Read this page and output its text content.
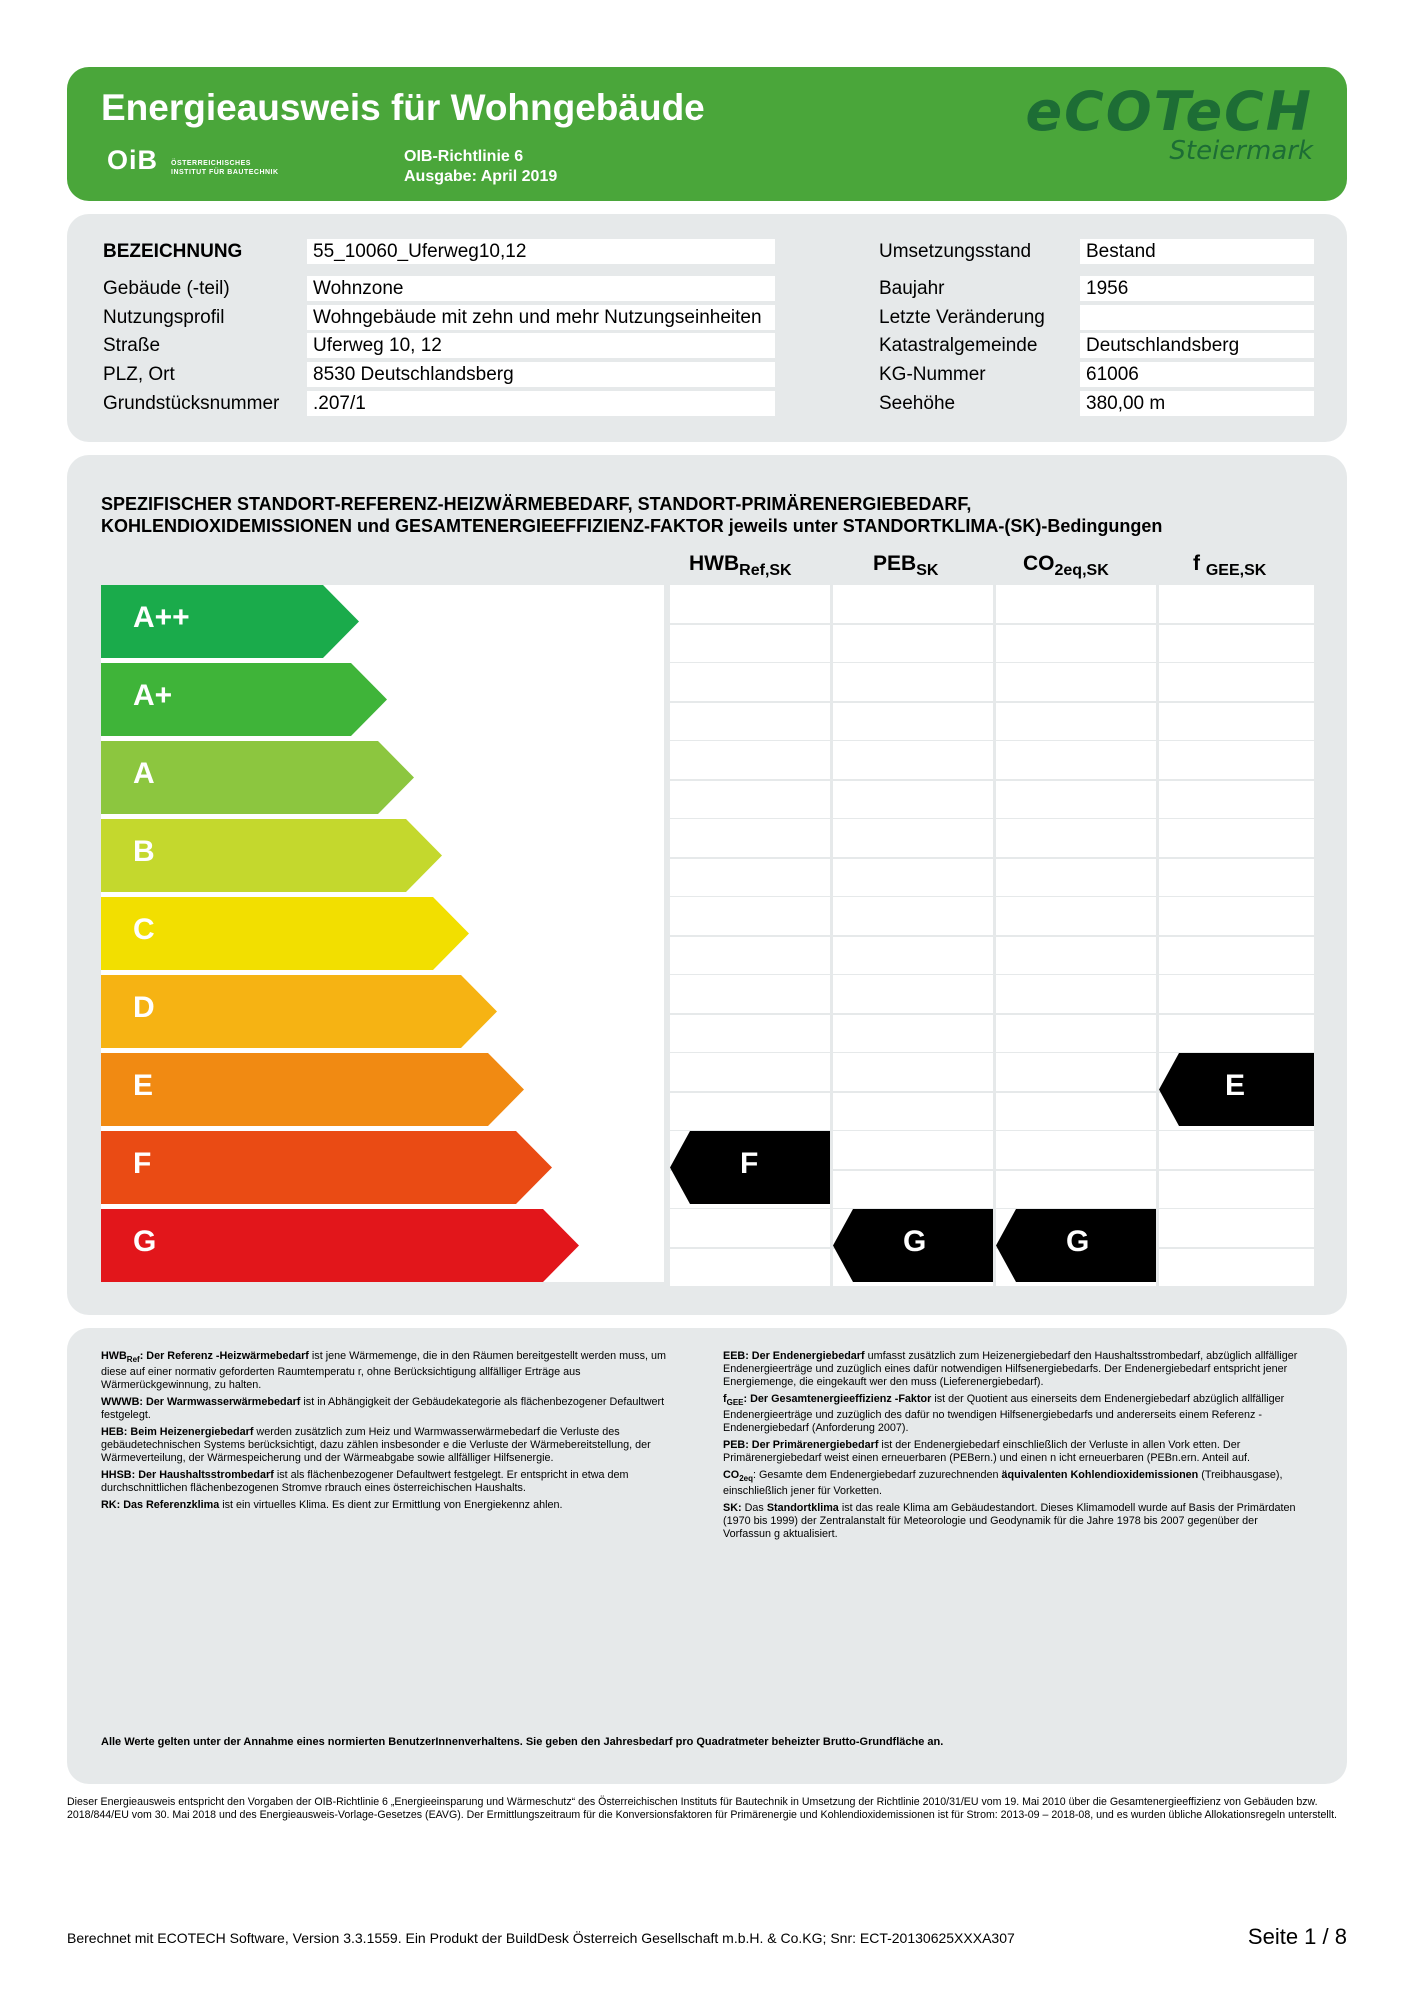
Energieausweis für Wohngebäude
OiB ÖSTERREICHISCHES
INSTITUT FÜR BAUTECHNIK
OIB-Richtlinie 6
Ausgabe: April 2019
eCOTeCH
Steiermark
BEZEICHNUNG	55_10060_Uferweg10,12
Gebäude (-teil)	Wohnzone
Nutzungsprofil	Wohngebäude mit zehn und mehr Nutzungseinheiten
Straße	Uferweg 10, 12
PLZ, Ort	8530 Deutschlandsberg
Grundstücksnummer	.207/1
Umsetzungsstand	Bestand
Baujahr	1956
Letzte Veränderung
Katastralgemeinde	Deutschlandsberg
KG-Nummer	61006
Seehöhe	380,00 m
SPEZIFISCHER STANDORT-REFERENZ-HEIZWÄRMEBEDARF, STANDORT-PRIMÄRENERGIEBEDARF,
KOHLENDIOXIDEMISSIONEN und GESAMTENERGIEEFFIZIENZ-FAKTOR jeweils unter STANDORTKLIMA-(SK)-Bedingungen
$HWB_{Ref,SK}$	$PEB_{SK}$	$CO_{2eq,SK}$	f $_{GEE,SK}$
A++
A+
A
B
C
D
E
F
G
F
G	G
E

$HWB_{Ref}$: Der Referenz -Heizwärmebedarf ist jene Wärmemenge, die in den Räumen bereitgestellt werden muss, um diese auf einer normativ geforderten Raumtemperatu r, ohne Berücksichtigung allfälliger Erträge aus Wärmerückgewinnung, zu halten.

WWWB: Der Warmwasserwärmebedarf ist in Abhängigkeit der Gebäudekategorie als flächenbezogener Defaultwert festgelegt.

HEB: Beim Heizenergiebedarf werden zusätzlich zum Heiz und Warmwasserwärmebedarf die Verluste des gebäudetechnischen Systems berücksichtigt, dazu zählen insbesonder e die Verluste der Wärmebereitstellung, der Wärmeverteilung, der Wärmespeicherung und der Wärmeabgabe sowie allfälliger Hilfsenergie.

HHSB: Der Haushaltsstrombedarf ist als flächenbezogener Defaultwert festgelegt. Er entspricht in etwa dem durchschnittlichen flächenbezogenen Stromve rbrauch eines österreichischen Haushalts.

RK: Das Referenzklima ist ein virtuelles Klima. Es dient zur Ermittlung von Energiekennz ahlen.

EEB: Der Endenergiebedarf umfasst zusätzlich zum Heizenergiebedarf den Haushaltsstrombedarf, abzüglich allfälliger Endenergieerträge und zuzüglich eines dafür notwendigen Hilfsenergiebedarfs. Der Endenergiebedarf entspricht jener Energiemenge, die eingekauft wer den muss (Lieferenergiebedarf).

$f_{GEE}$: Der Gesamtenergieeffizienz -Faktor ist der Quotient aus einerseits dem Endenergiebedarf abzüglich allfälliger Endenergieerträge und zuzüglich des dafür no twendigen Hilfsenergiebedarfs und andererseits einem Referenz -Endenergiebedarf (Anforderung 2007).

PEB: Der Primärenergiebedarf ist der Endenergiebedarf einschließlich der Verluste in allen Vork etten. Der Primärenergiebedarf weist einen erneuerbaren (PEBern.) und einen n icht erneuerbaren (PEBn.ern. Anteil auf.

$CO_{2eq}$: Gesamte dem Endenergiebedarf zuzurechnenden äquivalenten Kohlendioxidemissionen (Treibhausgase), einschließlich jener für Vorketten.

SK: Das Standortklima ist das reale Klima am Gebäudestandort. Dieses Klimamodell wurde auf Basis der Primärdaten (1970 bis 1999) der Zentralanstalt für Meteorologie und Geodynamik für die Jahre 1978 bis 2007 gegenüber der Vorfassun g aktualisiert.

Alle Werte gelten unter der Annahme eines normierten BenutzerInnenverhaltens. Sie geben den Jahresbedarf pro Quadratmeter beheizter Brutto-Grundfläche an.
Dieser Energieausweis entspricht den Vorgaben der OIB-Richtlinie 6 „Energieeinsparung und Wärmeschutz“ des Österreichischen Instituts für Bautechnik in Umsetzung der Richtlinie 2010/31/EU vom 19. Mai 2010 über die Gesamtenergieeffizienz von Gebäuden bzw. 2018/844/EU vom 30. Mai 2018 und des Energieausweis-Vorlage-Gesetzes (EAVG). Der Ermittlungszeitraum für die Konversionsfaktoren für Primärenergie und Kohlendioxidemissionen ist für Strom: 2013-09 – 2018-08, und es wurden übliche Allokationsregeln unterstellt.
Berechnet mit ECOTECH Software, Version 3.3.1559. Ein Produkt der BuildDesk Österreich Gesellschaft m.b.H. & Co.KG; Snr: ECT-20130625XXXA307	Seite 1 / 8
